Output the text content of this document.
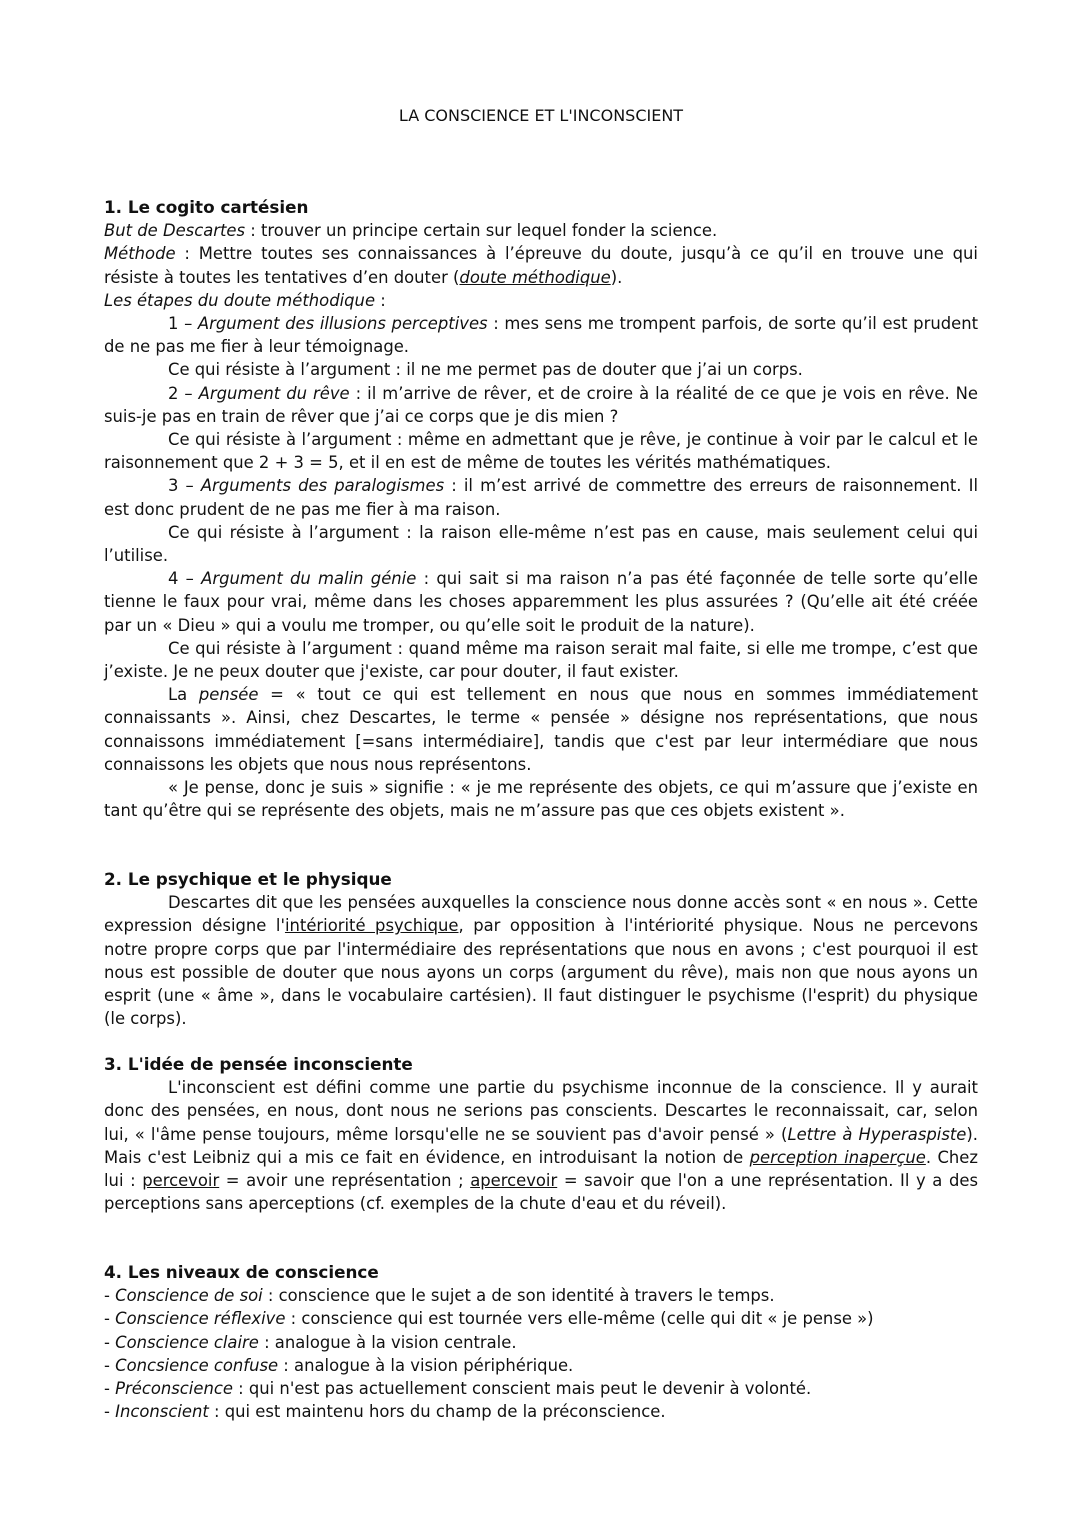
LA CONSCIENCE ET L'INCONSCIENT
1. Le cogito cartésien

But de Descartes : trouver un principe certain sur lequel fonder la science.

Méthode : Mettre toutes ses connaissances à l’épreuve du doute, jusqu’à ce qu’il en trouve une qui résiste à toutes les tentatives d’en douter (doute méthodique).

Les étapes du doute méthodique :

1 – Argument des illusions perceptives : mes sens me trompent parfois, de sorte qu’il est prudent de ne pas me fier à leur témoignage.

Ce qui résiste à l’argument : il ne me permet pas de douter que j’ai un corps.

2 – Argument du rêve : il m’arrive de rêver, et de croire à la réalité de ce que je vois en rêve. Ne suis-je pas en train de rêver que j’ai ce corps que je dis mien ?

Ce qui résiste à l’argument : même en admettant que je rêve, je continue à voir par le calcul et le raisonnement que 2 + 3 = 5, et il en est de même de toutes les vérités mathématiques.

3 – Arguments des paralogismes : il m’est arrivé de commettre des erreurs de raisonnement. Il est donc prudent de ne pas me fier à ma raison.

Ce qui résiste à l’argument : la raison elle-même n’est pas en cause, mais seulement celui qui l’utilise.

4 – Argument du malin génie : qui sait si ma raison n’a pas été façonnée de telle sorte qu’elle tienne le faux pour vrai, même dans les choses apparemment les plus assurées ? (Qu’elle ait été créée par un « Dieu » qui a voulu me tromper, ou qu’elle soit le produit de la nature).

Ce qui résiste à l’argument : quand même ma raison serait mal faite, si elle me trompe, c’est que j’existe. Je ne peux douter que j'existe, car pour douter, il faut exister.

La pensée = « tout ce qui est tellement en nous que nous en sommes immédiatement connaissants ». Ainsi, chez Descartes, le terme « pensée » désigne nos représentations, que nous connaissons immédiatement [=sans intermédiaire], tandis que c'est par leur intermédiare que nous connaissons les objets que nous nous représentons.

« Je pense, donc je suis » signifie : « je me représente des objets, ce qui m’assure que j’existe en tant qu’être qui se représente des objets, mais ne m’assure pas que ces objets existent ».

2. Le psychique et le physique

Descartes dit que les pensées auxquelles la conscience nous donne accès sont « en nous ». Cette expression désigne l'intériorité psychique, par opposition à l'intériorité physique. Nous ne percevons notre propre corps que par l'intermédiaire des représentations que nous en avons ; c'est pourquoi il est nous est possible de douter que nous ayons un corps (argument du rêve), mais non que nous ayons un esprit (une « âme », dans le vocabulaire cartésien). Il faut distinguer le psychisme (l'esprit) du physique (le corps).

3. L'idée de pensée inconsciente

L'inconscient est défini comme une partie du psychisme inconnue de la conscience. Il y aurait donc des pensées, en nous, dont nous ne serions pas conscients. Descartes le reconnaissait, car, selon lui, « l'âme pense toujours, même lorsqu'elle ne se souvient pas d'avoir pensé » (Lettre à Hyperaspiste). Mais c'est Leibniz qui a mis ce fait en évidence, en introduisant la notion de perception inaperçue. Chez lui : percevoir = avoir une représentation ; apercevoir = savoir que l'on a une représentation. Il y a des perceptions sans aperceptions (cf. exemples de la chute d'eau et du réveil).

4. Les niveaux de conscience

- Conscience de soi : conscience que le sujet a de son identité à travers le temps.

- Conscience réflexive : conscience qui est tournée vers elle-même (celle qui dit « je pense »)

- Conscience claire : analogue à la vision centrale.

- Concsience confuse : analogue à la vision périphérique.

- Préconscience : qui n'est pas actuellement conscient mais peut le devenir à volonté.

- Inconscient : qui est maintenu hors du champ de la préconscience.
